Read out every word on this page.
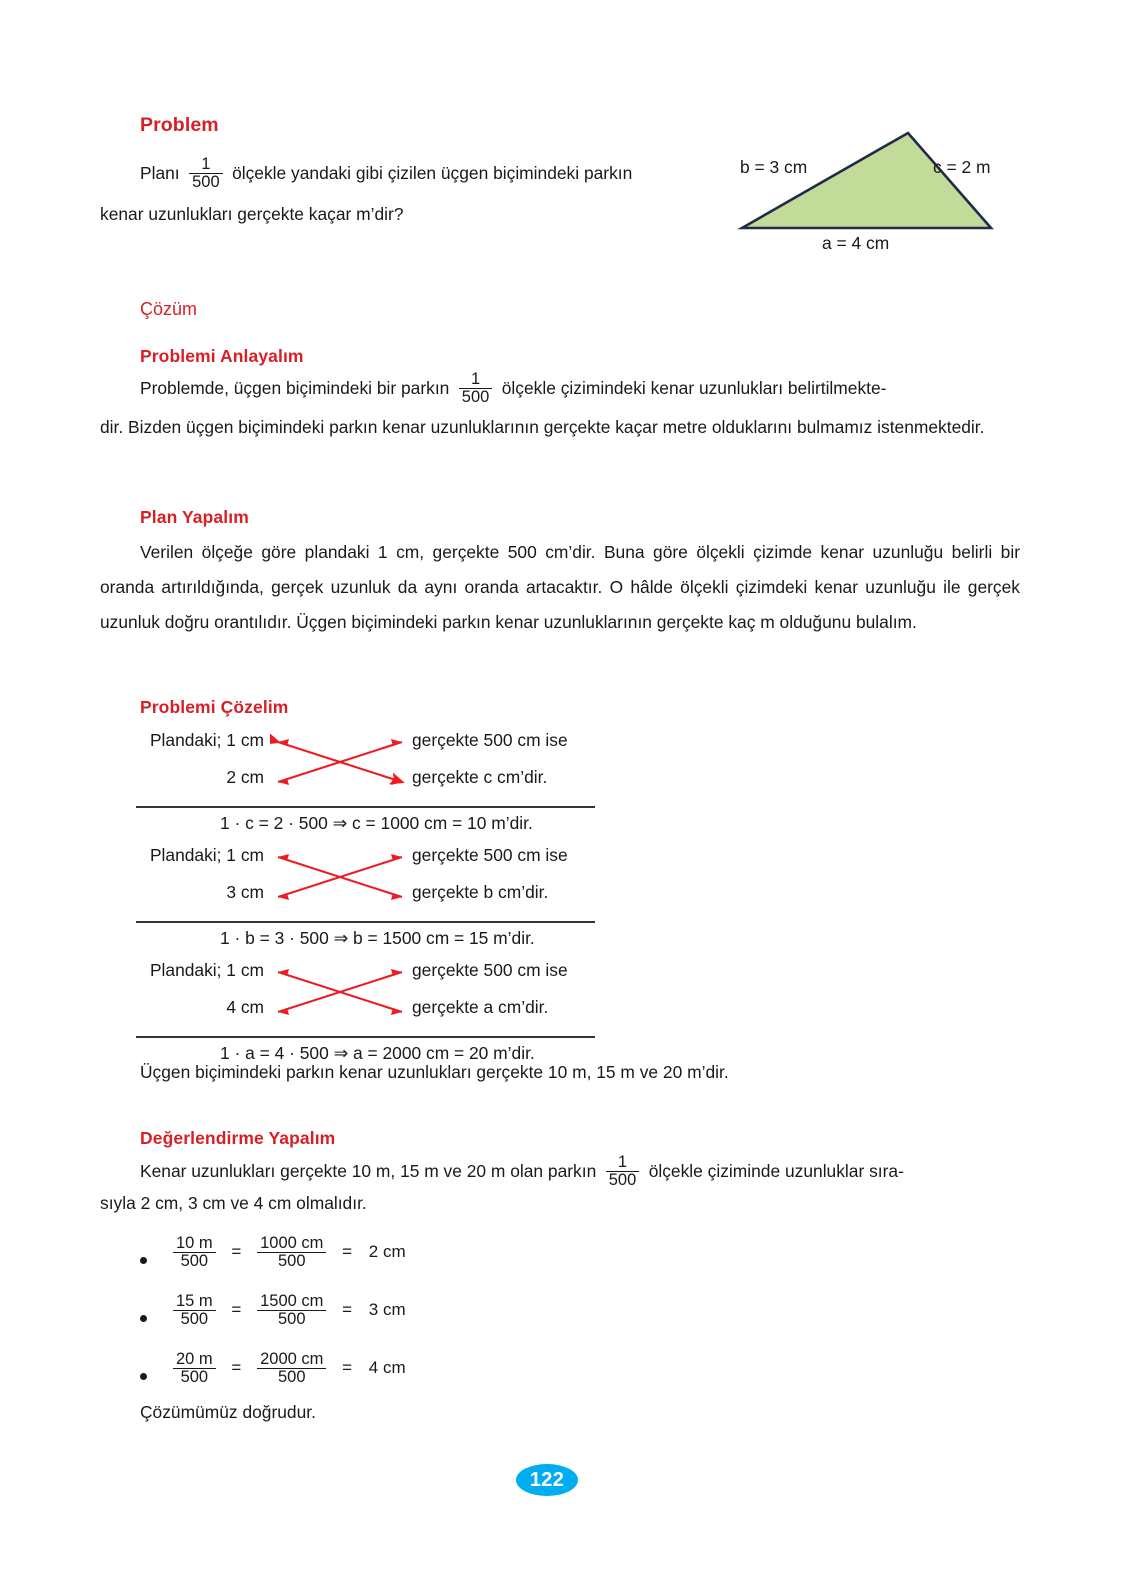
Problem
Planı $\frac{1}{500}$ ölçekle yandaki gibi çizilen üçgen biçimindeki parkın
kenar uzunlukları gerçekte kaçar m’dir?
b = 3 cm	c = 2 m
a = 4 cm
Çözüm
Problemi Anlayalım
Problemde, üçgen biçimindeki bir parkın $\frac{1}{500}$ ölçekle çizimindeki kenar uzunlukları belirtilmekte-
dir. Bizden üçgen biçimindeki parkın kenar uzunluklarının gerçekte kaçar metre olduklarını bulmamız istenmektedir.
Plan Yapalım
Verilen ölçeğe göre plandaki 1 cm, gerçekte 500 cm’dir. Buna göre ölçekli çizimde kenar uzunluğu belirli bir oranda artırıldığında, gerçek uzunluk da aynı oranda artacaktır. O hâlde ölçekli çizimdeki kenar uzunluğu ile gerçek uzunluk doğru orantılıdır. Üçgen biçimindeki parkın kenar uzunluklarının gerçekte kaç m olduğunu bulalım.
Problemi Çözelim
Plandaki; 1 cm	gerçekte 500 cm ise
2 cm	gerçekte c cm’dir.
1 · c = 2 · 500 ⇒ c = 1000 cm = 10 m’dir.
Plandaki; 1 cm	gerçekte 500 cm ise
3 cm	gerçekte b cm’dir.
1 · b = 3 · 500 ⇒ b = 1500 cm = 15 m’dir.
Plandaki; 1 cm	gerçekte 500 cm ise
4 cm	gerçekte a cm’dir.
1 · a = 4 · 500 ⇒ a = 2000 cm = 20 m’dir.
Üçgen biçimindeki parkın kenar uzunlukları gerçekte 10 m, 15 m ve 20 m’dir.
Değerlendirme Yapalım
Kenar uzunlukları gerçekte 10 m, 15 m ve 20 m olan parkın $\frac{1}{500}$ ölçekle çiziminde uzunluklar sıra-
sıyla 2 cm, 3 cm ve 4 cm olmalıdır.
$\frac{10 m}{500} = \frac{1000 cm}{500} = 2$ cm
$\frac{15 m}{500} = \frac{1500 cm}{500} = 3$ cm
$\frac{20 m}{500} = \frac{2000 cm}{500} = 4$ cm
Çözümümüz doğrudur.
122
